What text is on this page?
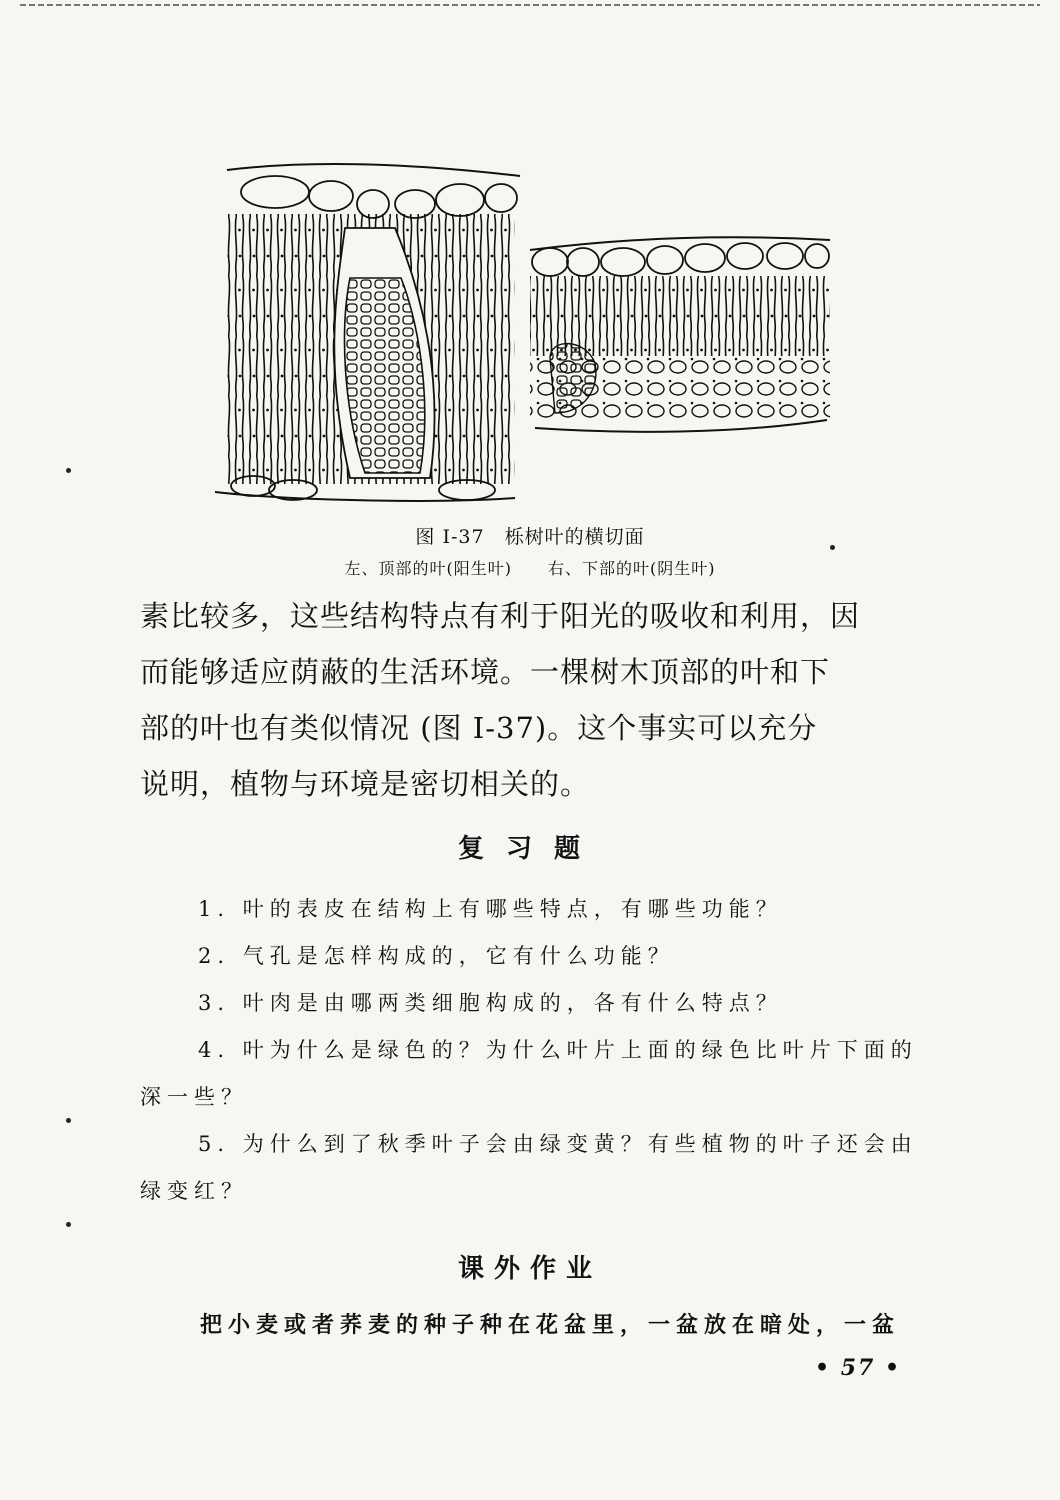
图 I-37　栎树叶的横切面
左、顶部的叶(阳生叶) 右、下部的叶(阴生叶)

素比较多，这些结构特点有利于阳光的吸收和利用，因

而能够适应荫蔽的生活环境。一棵树木顶部的叶和下

部的叶也有类似情况 (图 I-37)。这个事实可以充分

说明，植物与环境是密切相关的。

复习题

1. 叶的表皮在结构上有哪些特点，有哪些功能？

2. 气孔是怎样构成的，它有什么功能？

3. 叶肉是由哪两类细胞构成的，各有什么特点？

4. 叶为什么是绿色的？为什么叶片上面的绿色比叶片下面的深一些？

5. 为什么到了秋季叶子会由绿变黄？有些植物的叶子还会由绿变红？

课外作业
把小麦或者荞麦的种子种在花盆里，一盆放在暗处，一盆
• 57 •
